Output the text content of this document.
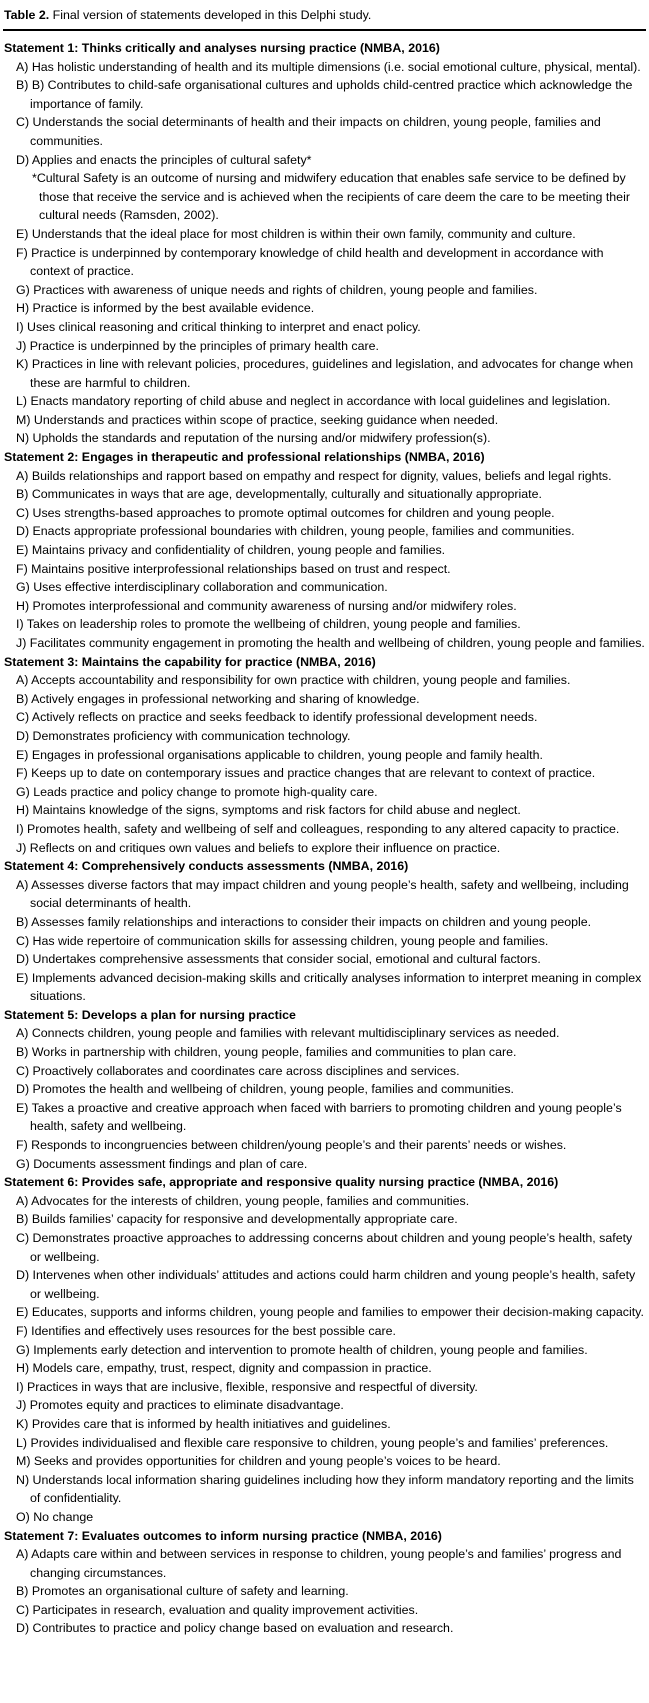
Table 2. Final version of statements developed in this Delphi study.

Statement 1: Thinks critically and analyses nursing practice (NMBA, 2016)

A) Has holistic understanding of health and its multiple dimensions (i.e. social emotional culture, physical, mental).

B) B) Contributes to child-safe organisational cultures and upholds child-centred practice which acknowledge the importance of family.

C) Understands the social determinants of health and their impacts on children, young people, families and communities.

D) Applies and enacts the principles of cultural safety*

*Cultural Safety is an outcome of nursing and midwifery education that enables safe service to be defined by those that receive the service and is achieved when the recipients of care deem the care to be meeting their cultural needs (Ramsden, 2002).

E) Understands that the ideal place for most children is within their own family, community and culture.

F) Practice is underpinned by contemporary knowledge of child health and development in accordance with context of practice.

G) Practices with awareness of unique needs and rights of children, young people and families.

H) Practice is informed by the best available evidence.

I) Uses clinical reasoning and critical thinking to interpret and enact policy.

J) Practice is underpinned by the principles of primary health care.

K) Practices in line with relevant policies, procedures, guidelines and legislation, and advocates for change when these are harmful to children.

L) Enacts mandatory reporting of child abuse and neglect in accordance with local guidelines and legislation.

M) Understands and practices within scope of practice, seeking guidance when needed.

N) Upholds the standards and reputation of the nursing and/or midwifery profession(s).

Statement 2: Engages in therapeutic and professional relationships (NMBA, 2016)

A) Builds relationships and rapport based on empathy and respect for dignity, values, beliefs and legal rights.

B) Communicates in ways that are age, developmentally, culturally and situationally appropriate.

C) Uses strengths-based approaches to promote optimal outcomes for children and young people.

D) Enacts appropriate professional boundaries with children, young people, families and communities.

E) Maintains privacy and confidentiality of children, young people and families.

F) Maintains positive interprofessional relationships based on trust and respect.

G) Uses effective interdisciplinary collaboration and communication.

H) Promotes interprofessional and community awareness of nursing and/or midwifery roles.

I) Takes on leadership roles to promote the wellbeing of children, young people and families.

J) Facilitates community engagement in promoting the health and wellbeing of children, young people and families.

Statement 3: Maintains the capability for practice (NMBA, 2016)

A) Accepts accountability and responsibility for own practice with children, young people and families.

B) Actively engages in professional networking and sharing of knowledge.

C) Actively reflects on practice and seeks feedback to identify professional development needs.

D) Demonstrates proficiency with communication technology.

E) Engages in professional organisations applicable to children, young people and family health.

F) Keeps up to date on contemporary issues and practice changes that are relevant to context of practice.

G) Leads practice and policy change to promote high-quality care.

H) Maintains knowledge of the signs, symptoms and risk factors for child abuse and neglect.

I) Promotes health, safety and wellbeing of self and colleagues, responding to any altered capacity to practice.

J) Reflects on and critiques own values and beliefs to explore their influence on practice.

Statement 4: Comprehensively conducts assessments (NMBA, 2016)

A) Assesses diverse factors that may impact children and young people’s health, safety and wellbeing, including social determinants of health.

B) Assesses family relationships and interactions to consider their impacts on children and young people.

C) Has wide repertoire of communication skills for assessing children, young people and families.

D) Undertakes comprehensive assessments that consider social, emotional and cultural factors.

E) Implements advanced decision-making skills and critically analyses information to interpret meaning in complex situations.

Statement 5: Develops a plan for nursing practice

A) Connects children, young people and families with relevant multidisciplinary services as needed.

B) Works in partnership with children, young people, families and communities to plan care.

C) Proactively collaborates and coordinates care across disciplines and services.

D) Promotes the health and wellbeing of children, young people, families and communities.

E) Takes a proactive and creative approach when faced with barriers to promoting children and young people’s health, safety and wellbeing.

F) Responds to incongruencies between children/young people’s and their parents’ needs or wishes.

G) Documents assessment findings and plan of care.

Statement 6: Provides safe, appropriate and responsive quality nursing practice (NMBA, 2016)

A) Advocates for the interests of children, young people, families and communities.

B) Builds families’ capacity for responsive and developmentally appropriate care.

C) Demonstrates proactive approaches to addressing concerns about children and young people’s health, safety or wellbeing.

D) Intervenes when other individuals’ attitudes and actions could harm children and young people’s health, safety or wellbeing.

E) Educates, supports and informs children, young people and families to empower their decision-making capacity.

F) Identifies and effectively uses resources for the best possible care.

G) Implements early detection and intervention to promote health of children, young people and families.

H) Models care, empathy, trust, respect, dignity and compassion in practice.

I) Practices in ways that are inclusive, flexible, responsive and respectful of diversity.

J) Promotes equity and practices to eliminate disadvantage.

K) Provides care that is informed by health initiatives and guidelines.

L) Provides individualised and flexible care responsive to children, young people’s and families’ preferences.

M) Seeks and provides opportunities for children and young people’s voices to be heard.

N) Understands local information sharing guidelines including how they inform mandatory reporting and the limits of confidentiality.

O) No change

Statement 7: Evaluates outcomes to inform nursing practice (NMBA, 2016)

A) Adapts care within and between services in response to children, young people’s and families’ progress and changing circumstances.

B) Promotes an organisational culture of safety and learning.

C) Participates in research, evaluation and quality improvement activities.

D) Contributes to practice and policy change based on evaluation and research.
